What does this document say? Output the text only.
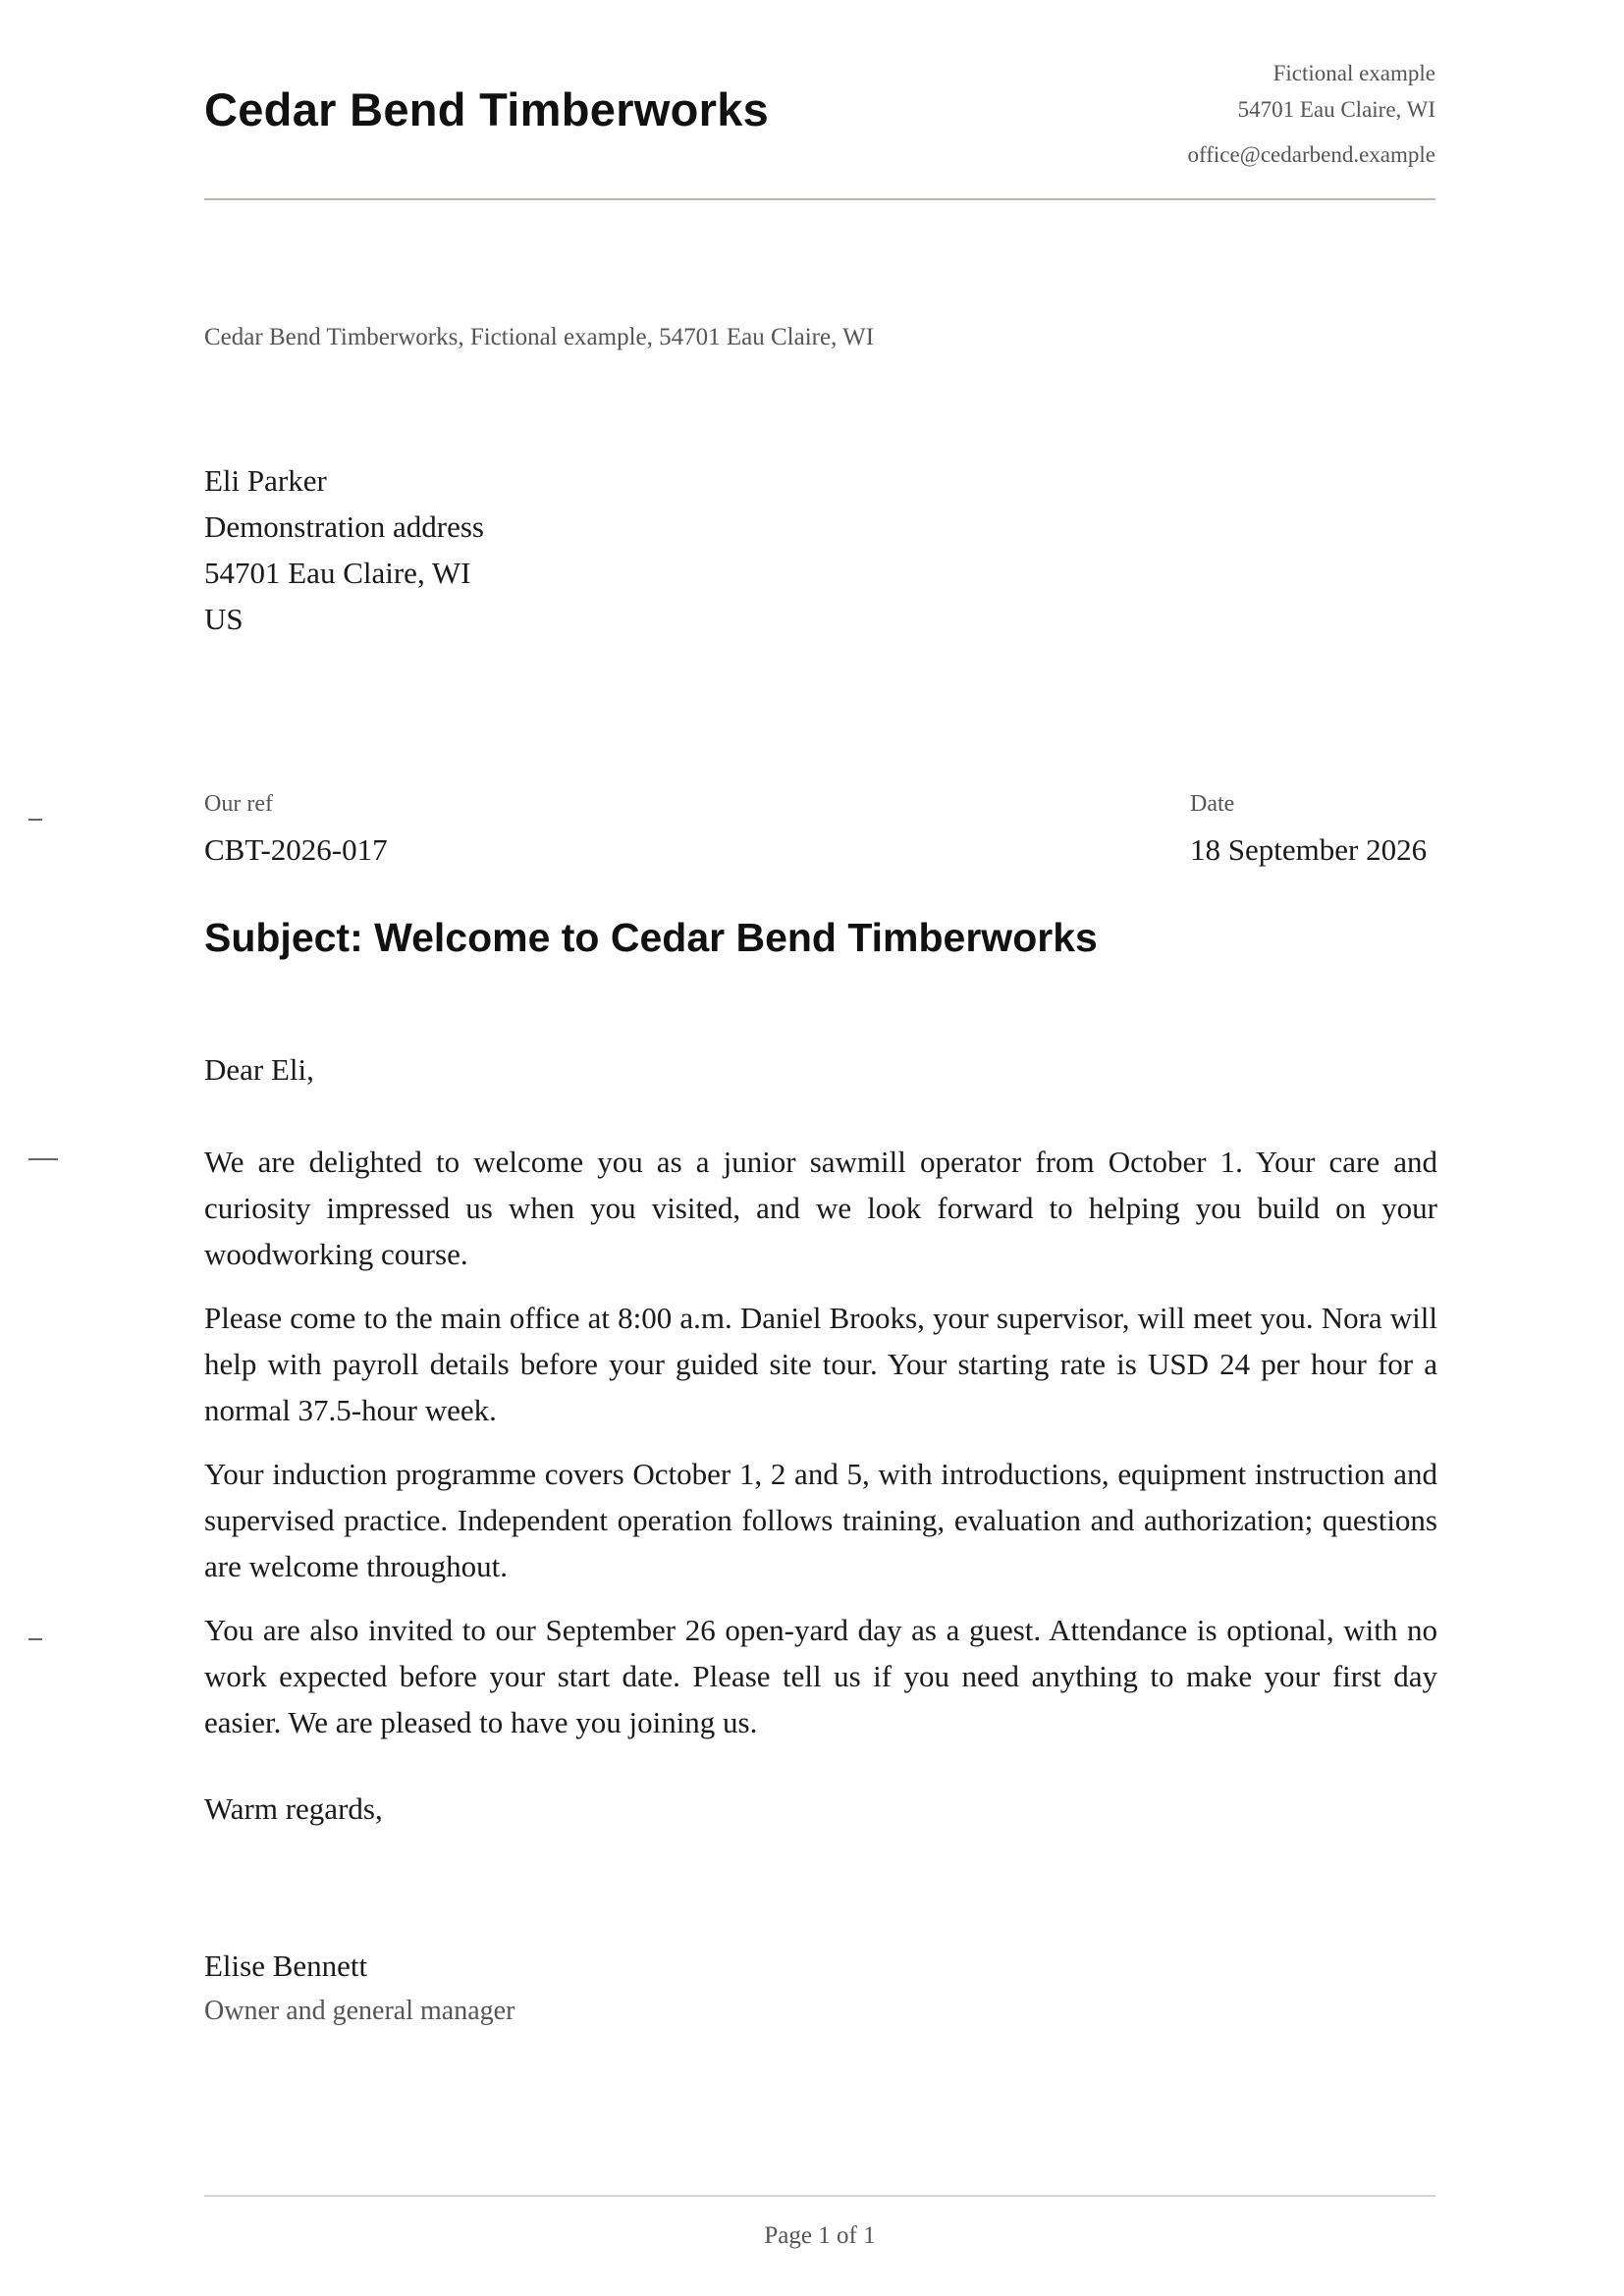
Cedar Bend Timberworks
Fictional example
54701 Eau Claire, WI
office@cedarbend.example
Cedar Bend Timberworks, Fictional example, 54701 Eau Claire, WI
Eli Parker
Demonstration address
54701 Eau Claire, WI
US
Our ref
CBT-2026-017
Date
18 September 2026
Subject: Welcome to Cedar Bend Timberworks
Dear Eli,

We are delighted to welcome you as a junior sawmill operator from October 1. Your care and curiosity impressed us when you visited, and we look forward to helping you build on your woodworking course.

Please come to the main office at 8:00 a.m. Daniel Brooks, your supervisor, will meet you. Nora will help with payroll details before your guided site tour. Your starting rate is USD 24 per hour for a normal 37.5-hour week.

Your induction programme covers October 1, 2 and 5, with introductions, equipment instruction and supervised practice. Independent operation follows training, evaluation and authorization; questions are welcome throughout.

You are also invited to our September 26 open-yard day as a guest. Attendance is optional, with no work expected before your start date. Please tell us if you need anything to make your first day easier. We are pleased to have you joining us.

Warm regards,
Elise Bennett
Owner and general manager
Page 1 of 1
